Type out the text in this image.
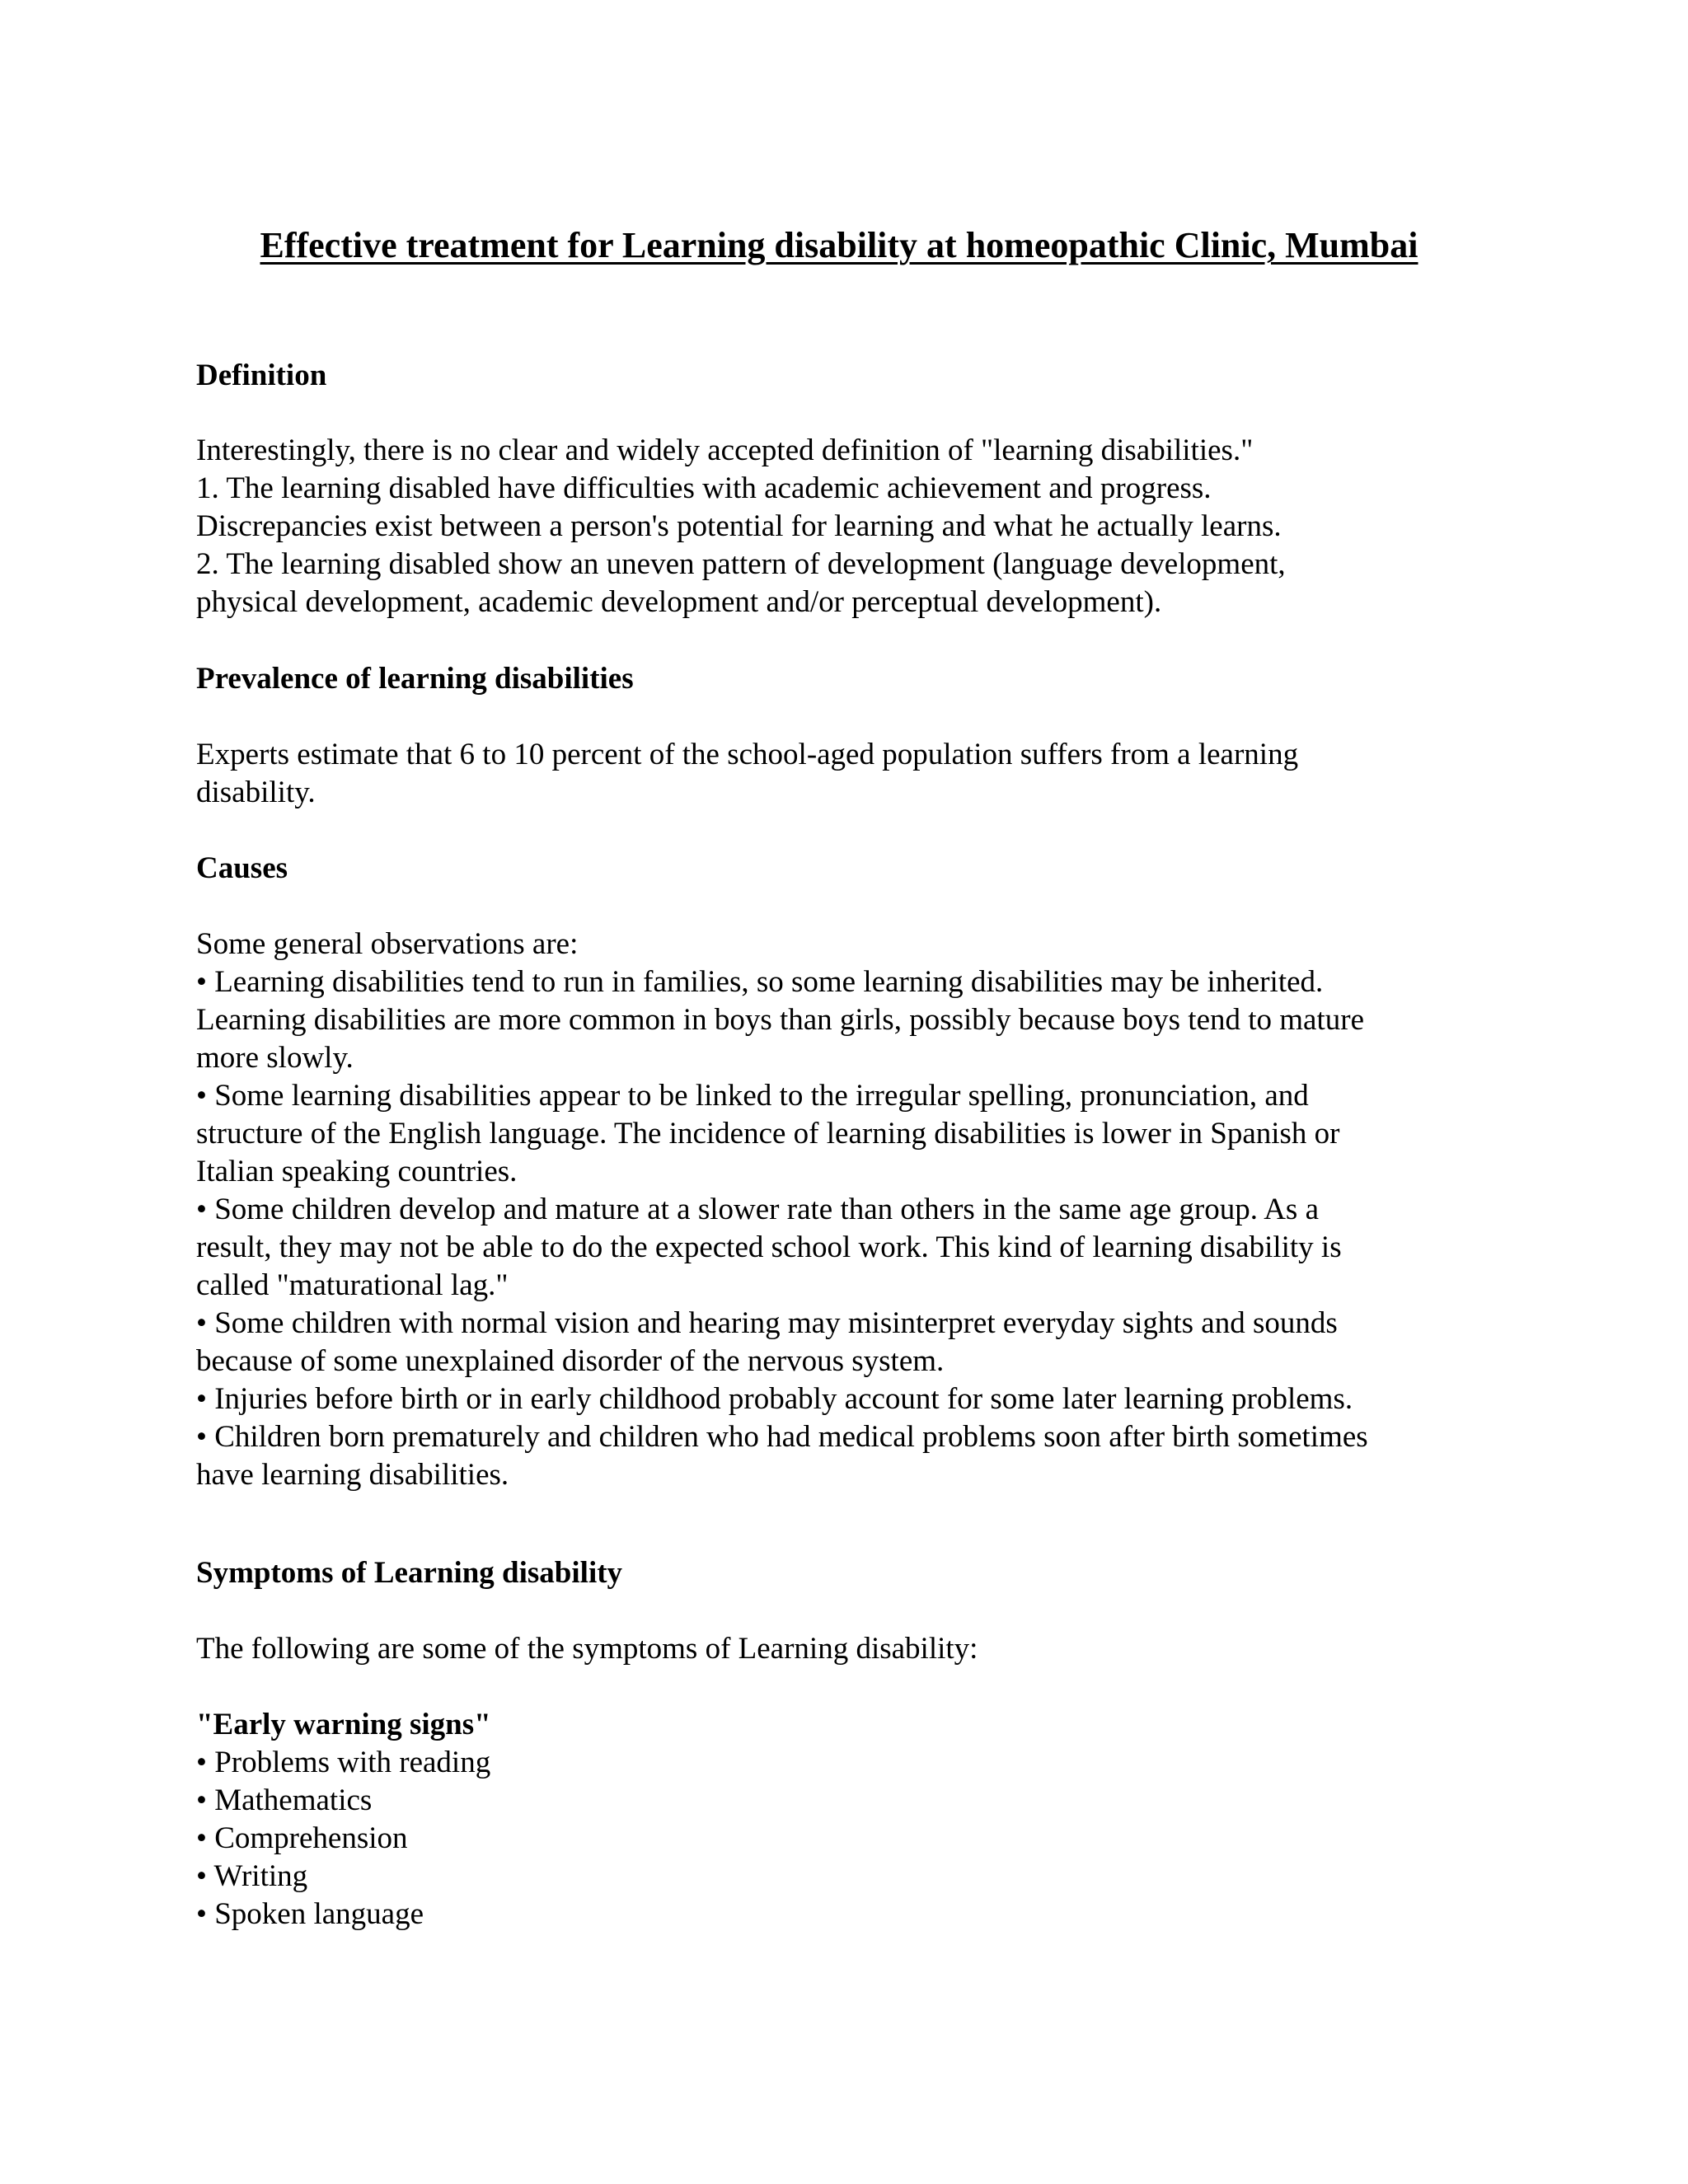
Effective treatment for Learning disability at homeopathic Clinic, Mumbai
Definition
Interestingly, there is no clear and widely accepted definition of "learning disabilities."
1. The learning disabled have difficulties with academic achievement and progress.
Discrepancies exist between a person's potential for learning and what he actually learns.
2. The learning disabled show an uneven pattern of development (language development,
physical development, academic development and/or perceptual development).
Prevalence of learning disabilities
Experts estimate that 6 to 10 percent of the school-aged population suffers from a learning
disability.
Causes
Some general observations are:
• Learning disabilities tend to run in families, so some learning disabilities may be inherited.
Learning disabilities are more common in boys than girls, possibly because boys tend to mature
more slowly.
• Some learning disabilities appear to be linked to the irregular spelling, pronunciation, and
structure of the English language. The incidence of learning disabilities is lower in Spanish or
Italian speaking countries.
• Some children develop and mature at a slower rate than others in the same age group. As a
result, they may not be able to do the expected school work. This kind of learning disability is
called "maturational lag."
• Some children with normal vision and hearing may misinterpret everyday sights and sounds
because of some unexplained disorder of the nervous system.
• Injuries before birth or in early childhood probably account for some later learning problems.
• Children born prematurely and children who had medical problems soon after birth sometimes
have learning disabilities.
Symptoms of Learning disability
The following are some of the symptoms of Learning disability:
"Early warning signs"
• Problems with reading
• Mathematics
• Comprehension
• Writing
• Spoken language
